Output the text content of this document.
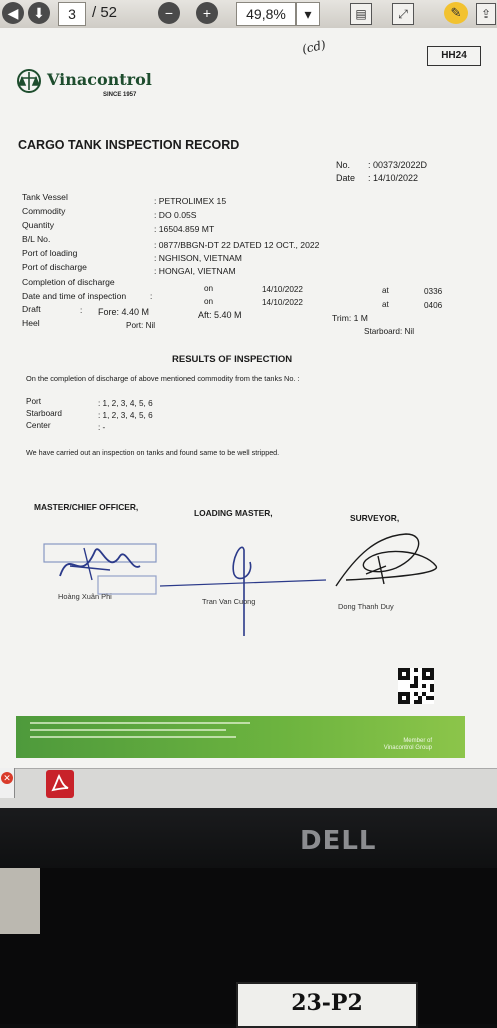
◀	⬇	3	/ 52	−	+	49,8%	▾	▤	⤢	✎	⇪
HH24
(cd)
Vinacontrol
SINCE 1957
CARGO TANK INSPECTION RECORD
No. : 00373/2022D
Date : 14/10/2022
Tank Vessel	: PETROLIMEX 15
Commodity	: DO 0.05S
Quantity	: 16504.859 MT
B/L No.
: 0877/BBGN-DT 22 DATED 12 OCT., 2022
Port of loading	: NGHISON, VIETNAM
Port of discharge	: HONGAI, VIETNAM
Completion of discharge
on	14/10/2022	at	0336
Date and time of inspection	:
on	14/10/2022	at	0406
Draft	: Fore: 4.40 M	Aft: 5.40 M	Trim: 1 M
Heel	Port: Nil
Starboard: Nil
RESULTS OF INSPECTION
On the completion of discharge of above mentioned commodity from the tanks No. :
Port	: 1, 2, 3, 4, 5, 6
Starboard	: 1, 2, 3, 4, 5, 6
Center	: -
We have carried out an inspection on tanks and found same to be well stripped.
MASTER/CHIEF OFFICER,
LOADING MASTER,	SURVEYOR,
Hoàng Xuân Phi
Tran Van Cuong
Dong Thanh Duy
Member of
Vinacontrol Group
✕
DELL
23-P2
